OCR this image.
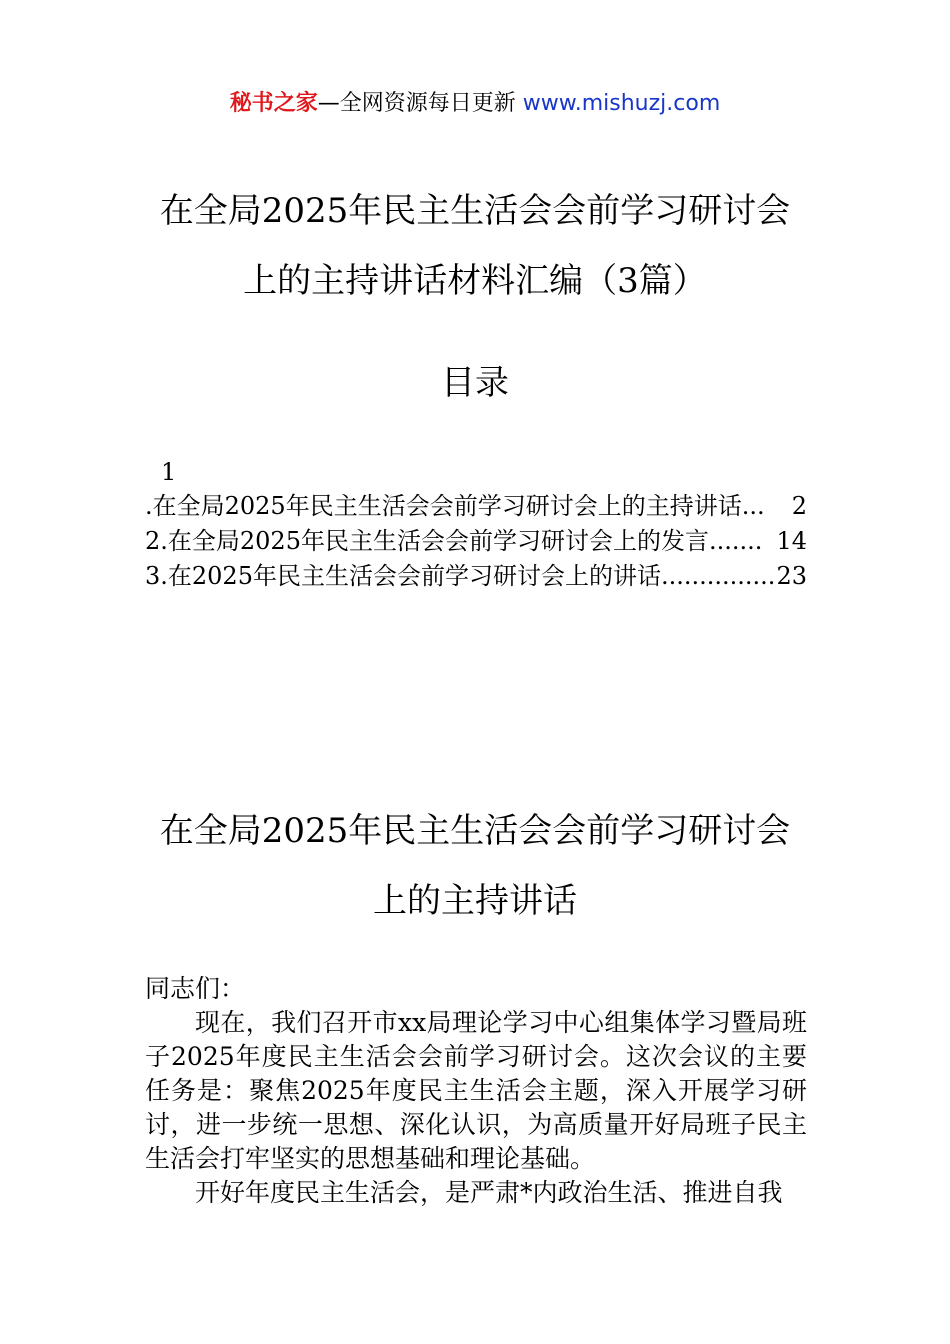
秘书之家—全网资源每日更新 www.mishuzj.com
在全局2025年民主生活会会前学习研讨会
上的主持讲话材料汇编（3篇）
目录
1
.在全局2025年民主生活会会前学习研讨会上的主持讲话 ...	2
2.在全局2025年民主生活会会前学习研讨会上的发言 ....... 14
3.在2025年民主生活会会前学习研讨会上的讲话 ............... 23
在全局2025年民主生活会会前学习研讨会
上的主持讲话
同志们：
现在，我们召开市xx局理论学习中心组集体学习暨局班子2025年度民主生活会会前学习研讨会。这次会议的主要任务是：聚焦2025年度民主生活会主题，深入开展学习研讨，进一步统一思想、深化认识，为高质量开好局班子民主生活会打牢坚实的思想基础和理论基础。
开好年度民主生活会，是严肃*内政治生活、推进自我
